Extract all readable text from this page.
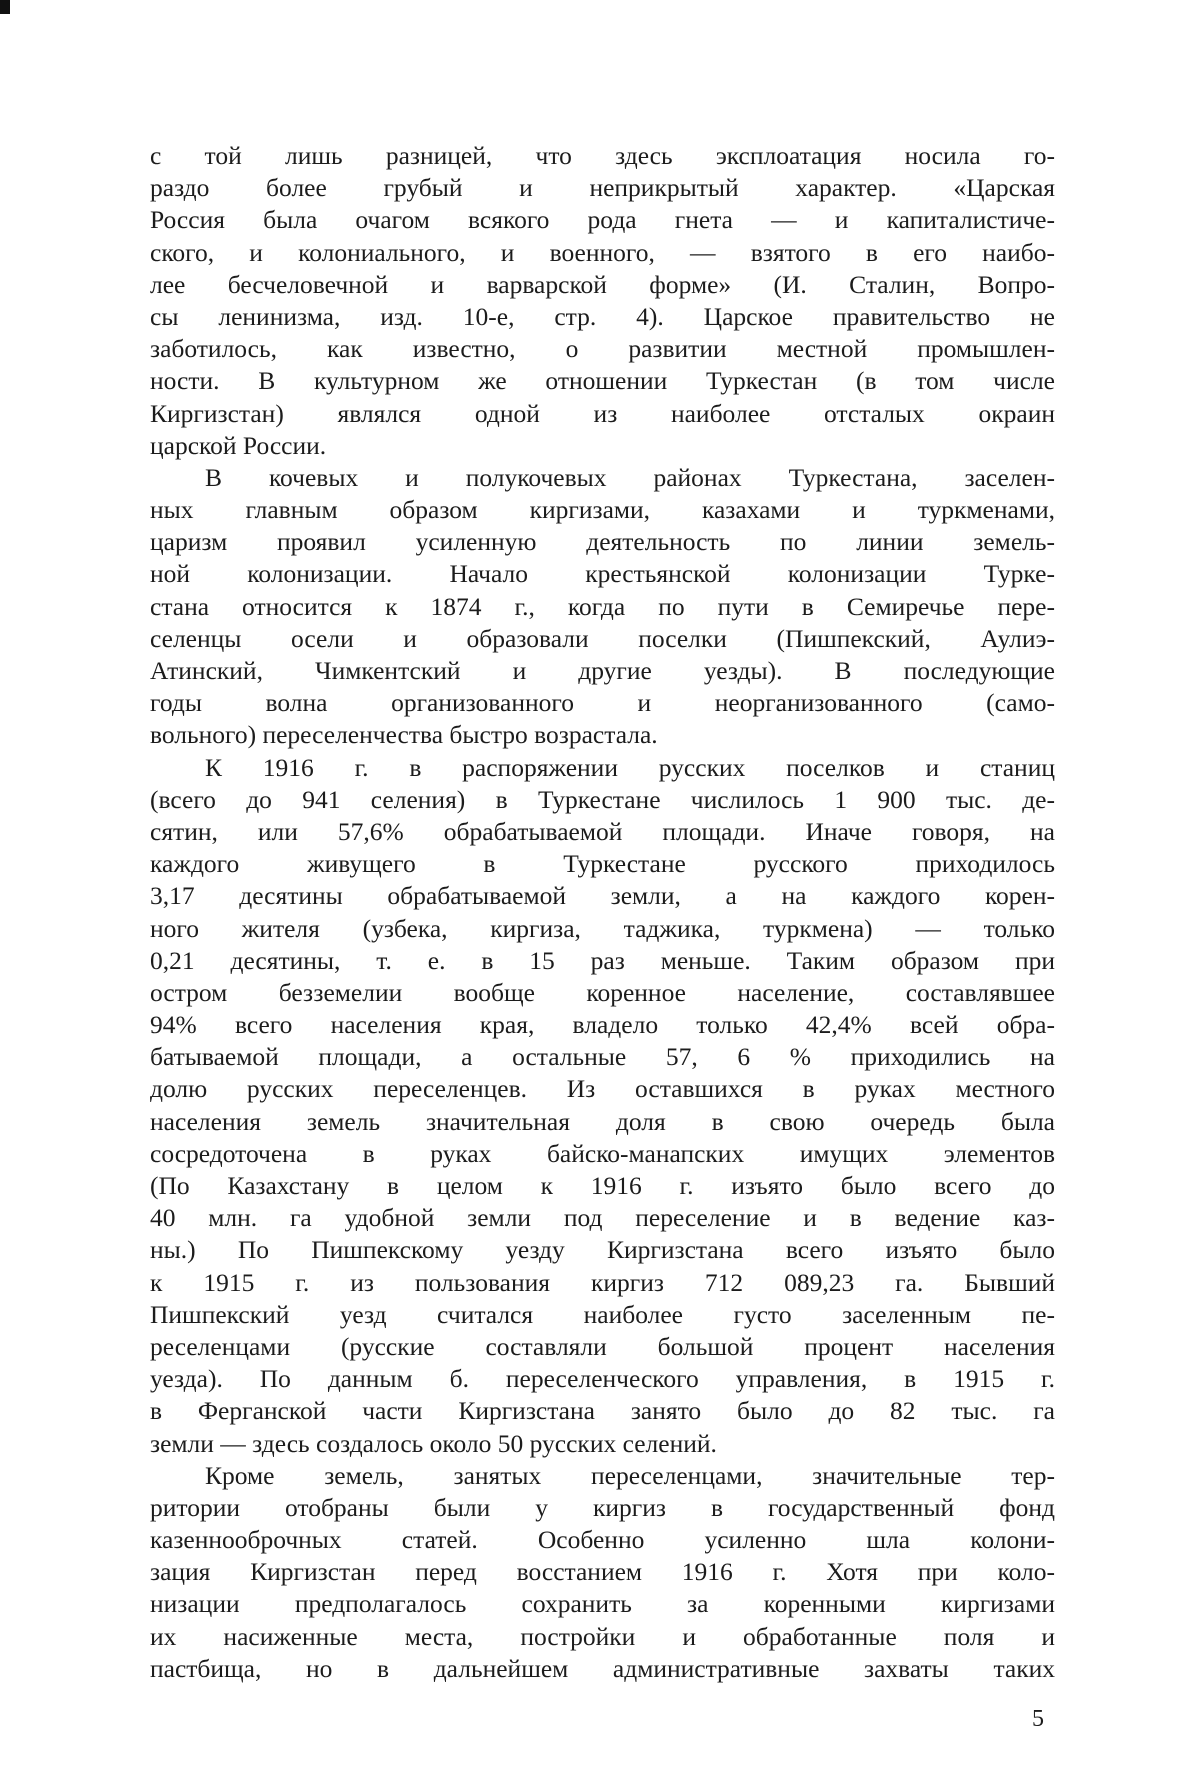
с той лишь разницей, что здесь эксплоатация носила го-
раздо более грубый и неприкрытый характер. «Царская
Россия была очагом всякого рода гнета — и капиталистиче-
ского, и колониального, и военного, — взятого в его наибо-
лее бесчеловечной и варварской форме» (И. Сталин, Вопро-
сы ленинизма, изд. 10-е, стр. 4). Царское правительство не
заботилось, как известно, о развитии местной промышлен-
ности. В культурном же отношении Туркестан (в том числе
Киргизстан) являлся одной из наиболее отсталых окраин
царской России.
В кочевых и полукочевых районах Туркестана, заселен-
ных главным образом киргизами, казахами и туркменами,
царизм проявил усиленную деятельность по линии земель-
ной колонизации. Начало крестьянской колонизации Турке-
стана относится к 1874 г., когда по пути в Семиречье пере-
селенцы осели и образовали поселки (Пишпекский, Аулиэ-
Атинский, Чимкентский и другие уезды). В последующие
годы волна организованного и неорганизованного (само-
вольного) переселенчества быстро возрастала.
К 1916 г. в распоряжении русских поселков и станиц
(всего до 941 селения) в Туркестане числилось 1 900 тыс. де-
сятин, или 57,6% обрабатываемой площади. Иначе говоря, на
каждого живущего в Туркестане русского приходилось
3,17 десятины обрабатываемой земли, а на каждого корен-
ного жителя (узбека, киргиза, таджика, туркмена) — только
0,21 десятины, т. е. в 15 раз меньше. Таким образом при
остром безземелии вообще коренное население, составлявшее
94% всего населения края, владело только 42,4% всей обра-
батываемой площади, а остальные 57, 6 % приходились на
долю русских переселенцев. Из оставшихся в руках местного
населения земель значительная доля в свою очередь была
сосредоточена в руках байско-манапских имущих элементов
(По Казахстану в целом к 1916 г. изъято было всего до
40 млн. га удобной земли под переселение и в ведение каз-
ны.) По Пишпекскому уезду Киргизстана всего изъято было
к 1915 г. из пользования киргиз 712 089,23 га. Бывший
Пишпекский уезд считался наиболее густо заселенным пе-
реселенцами (русские составляли большой процент населения
уезда). По данным б. переселенческого управления, в 1915 г.
в Ферганской части Киргизстана занято было до 82 тыс. га
земли — здесь создалось около 50 русских селений.
Кроме земель, занятых переселенцами, значительные тер-
ритории отобраны были у киргиз в государственный фонд
казеннооброчных статей. Особенно усиленно шла колони-
зация Киргизстан перед восстанием 1916 г. Хотя при коло-
низации предполагалось сохранить за коренными киргизами
их насиженные места, постройки и обработанные поля и
пастбища, но в дальнейшем административные захваты таких
5
